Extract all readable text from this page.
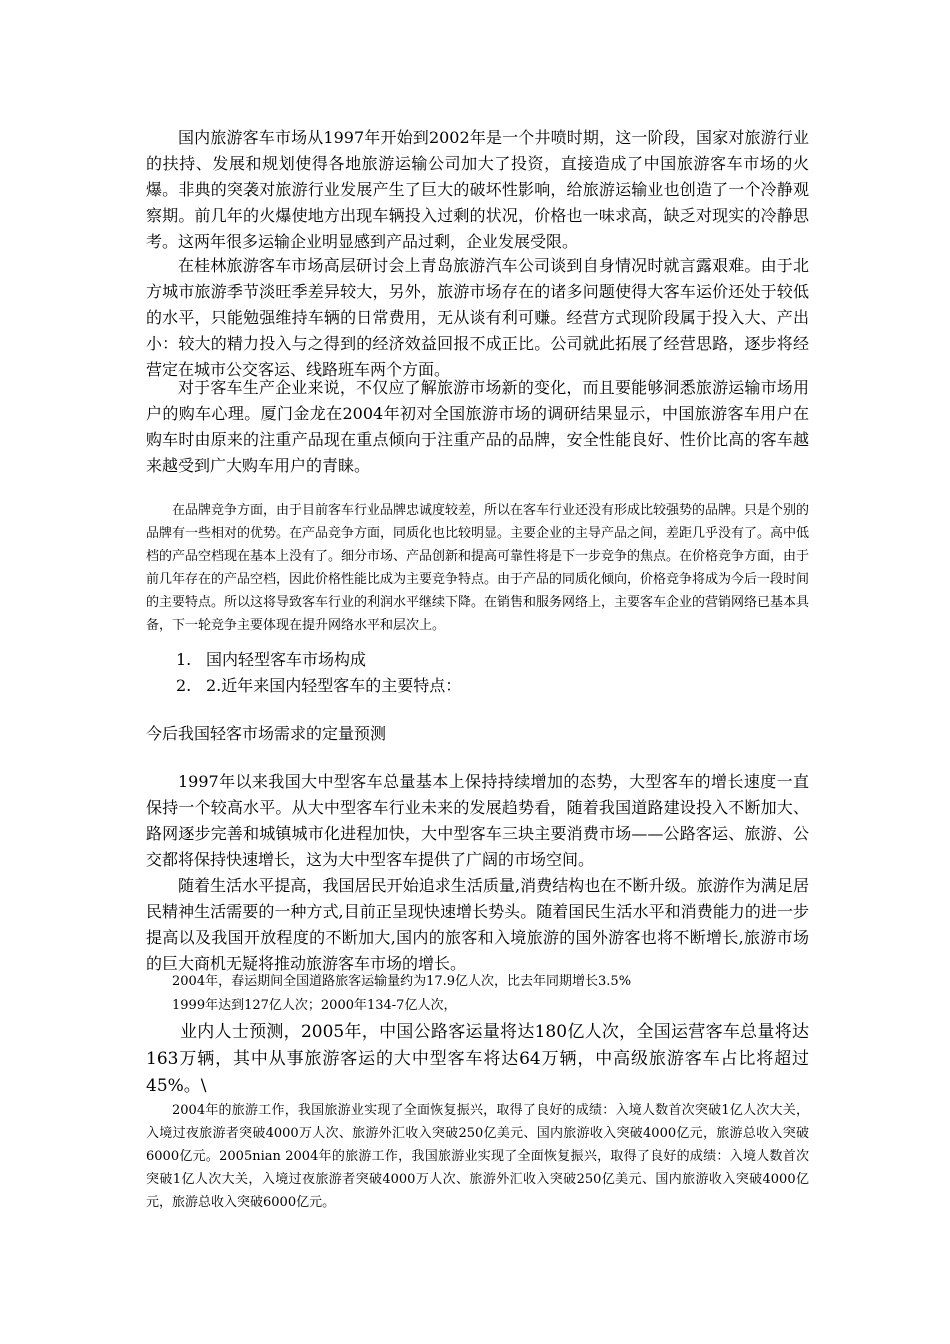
国内旅游客车市场从1997年开始到2002年是一个井喷时期，这一阶段，国家对旅游行业的扶持、发展和规划使得各地旅游运输公司加大了投资，直接造成了中国旅游客车市场的火爆。非典的突袭对旅游行业发展产生了巨大的破坏性影响，给旅游运输业也创造了一个冷静观察期。前几年的火爆使地方出现车辆投入过剩的状况，价格也一味求高，缺乏对现实的冷静思考。这两年很多运输企业明显感到产品过剩，企业发展受限。

在桂林旅游客车市场高层研讨会上青岛旅游汽车公司谈到自身情况时就言露艰难。由于北方城市旅游季节淡旺季差异较大，另外，旅游市场存在的诸多问题使得大客车运价还处于较低的水平，只能勉强维持车辆的日常费用，无从谈有利可赚。经营方式现阶段属于投入大、产出小：较大的精力投入与之得到的经济效益回报不成正比。公司就此拓展了经营思路，逐步将经营定在城市公交客运、线路班车两个方面。

对于客车生产企业来说，不仅应了解旅游市场新的变化，而且要能够洞悉旅游运输市场用户的购车心理。厦门金龙在2004年初对全国旅游市场的调研结果显示，中国旅游客车用户在购车时由原来的注重产品现在重点倾向于注重产品的品牌，安全性能良好、性价比高的客车越来越受到广大购车用户的青睐。

在品牌竞争方面，由于目前客车行业品牌忠诚度较差，所以在客车行业还没有形成比较强势的品牌。只是个别的品牌有一些相对的优势。在产品竞争方面，同质化也比较明显。主要企业的主导产品之间，差距几乎没有了。高中低档的产品空档现在基本上没有了。细分市场、产品创新和提高可靠性将是下一步竞争的焦点。在价格竞争方面，由于前几年存在的产品空档，因此价格性能比成为主要竞争特点。由于产品的同质化倾向，价格竞争将成为今后一段时间的主要特点。所以这将导致客车行业的利润水平继续下降。在销售和服务网络上，主要客车企业的营销网络已基本具备，下一轮竞争主要体现在提升网络水平和层次上。

1. 国内轻型客车市场构成
2. 2.近年来国内轻型客车的主要特点：
今后我国轻客市场需求的定量预测

1997年以来我国大中型客车总量基本上保持持续增加的态势，大型客车的增长速度一直保持一个较高水平。从大中型客车行业未来的发展趋势看，随着我国道路建设投入不断加大、路网逐步完善和城镇城市化进程加快，大中型客车三块主要消费市场——公路客运、旅游、公交都将保持快速增长，这为大中型客车提供了广阔的市场空间。

随着生活水平提高，我国居民开始追求生活质量,消费结构也在不断升级。旅游作为满足居民精神生活需要的一种方式,目前正呈现快速增长势头。随着国民生活水平和消费能力的进一步提高以及我国开放程度的不断加大,国内的旅客和入境旅游的国外游客也将不断增长,旅游市场的巨大商机无疑将推动旅游客车市场的增长。

2004年，春运期间全国道路旅客运输量约为17.9亿人次，比去年同期增长3.5%
1999年达到127亿人次；2000年134-7亿人次，

业内人士预测，2005年，中国公路客运量将达180亿人次，全国运营客车总量将达163万辆，其中从事旅游客运的大中型客车将达64万辆，中高级旅游客车占比将超过45%。\

2004年的旅游工作，我国旅游业实现了全面恢复振兴，取得了良好的成绩：入境人数首次突破1亿人次大关，入境过夜旅游者突破4000万人次、旅游外汇收入突破250亿美元、国内旅游收入突破4000亿元，旅游总收入突破6000亿元。2005nian 2004年的旅游工作，我国旅游业实现了全面恢复振兴，取得了良好的成绩：入境人数首次突破1亿人次大关，入境过夜旅游者突破4000万人次、旅游外汇收入突破250亿美元、国内旅游收入突破4000亿元，旅游总收入突破6000亿元。
